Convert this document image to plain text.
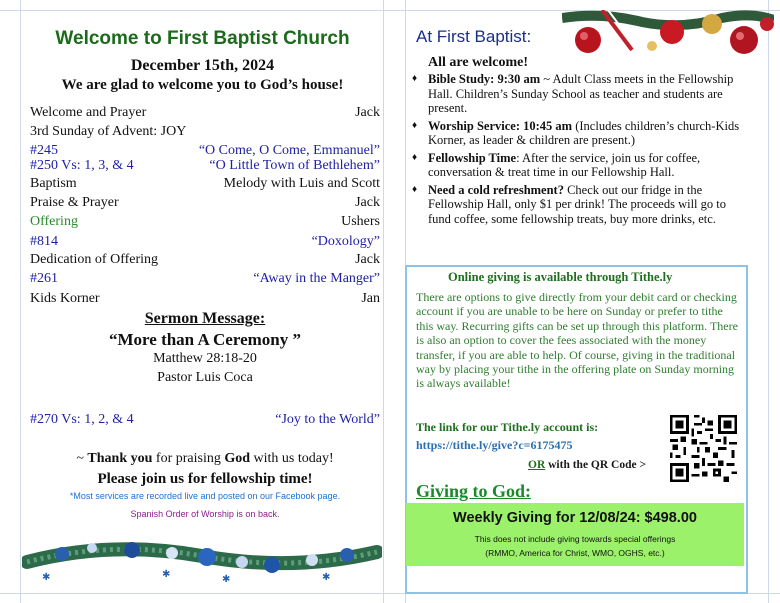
Welcome to First Baptist Church
December 15th, 2024
We are glad to welcome you to God’s house!
Welcome and Prayer	Jack
3rd Sunday of Advent: JOY
#245	“O Come, O Come, Emmanuel”
#250 Vs: 1, 3, & 4	“O Little Town of Bethlehem”
Baptism	Melody with Luis and Scott
Praise & Prayer	Jack
Offering	Ushers
#814	“Doxology”
Dedication of Offering	Jack
#261	“Away in the Manger”
Kids Korner	Jan
Sermon Message:
“More than A Ceremony ”
Matthew 28:18-20
Pastor Luis Coca
#270 Vs: 1, 2, & 4	“Joy to the World”
~ Thank you for praising God with us today!
Please join us for fellowship time!
*Most services are recorded live and posted on our Facebook page.
Spanish Order of Worship is on back.
✱	✱	✱	✱
At First Baptist:
All are welcome!
♦ Bible Study: 9:30 am ~ Adult Class meets in the Fellowship Hall. Children’s Sunday School as teacher and students are present.
♦ Worship Service: 10:45 am (Includes children’s church-Kids Korner, as leader & children are present.)
♦ Fellowship Time: After the service, join us for coffee, conversation & treat time in our Fellowship Hall.
♦ Need a cold refreshment? Check out our fridge in the Fellowship Hall, only $1 per drink! The proceeds will go to fund coffee, some fellowship treats, buy more drinks, etc.
Online giving is available through Tithe.ly
There are options to give directly from your debit card or checking account if you are unable to be here on Sunday or prefer to tithe this way. Recurring gifts can be set up through this platform. There is also an option to cover the fees associated with the money transfer, if you are able to help. Of course, giving in the traditional way by placing your tithe in the offering plate on Sunday morning is always available!
The link for our Tithe.ly account is:
https://tithe.ly/give?c=6175475
OR with the QR Code >
Giving to God:
Weekly Giving for 12/08/24: $498.00
This does not include giving towards special offerings
(RMMO, America for Christ, WMO, OGHS, etc.)
